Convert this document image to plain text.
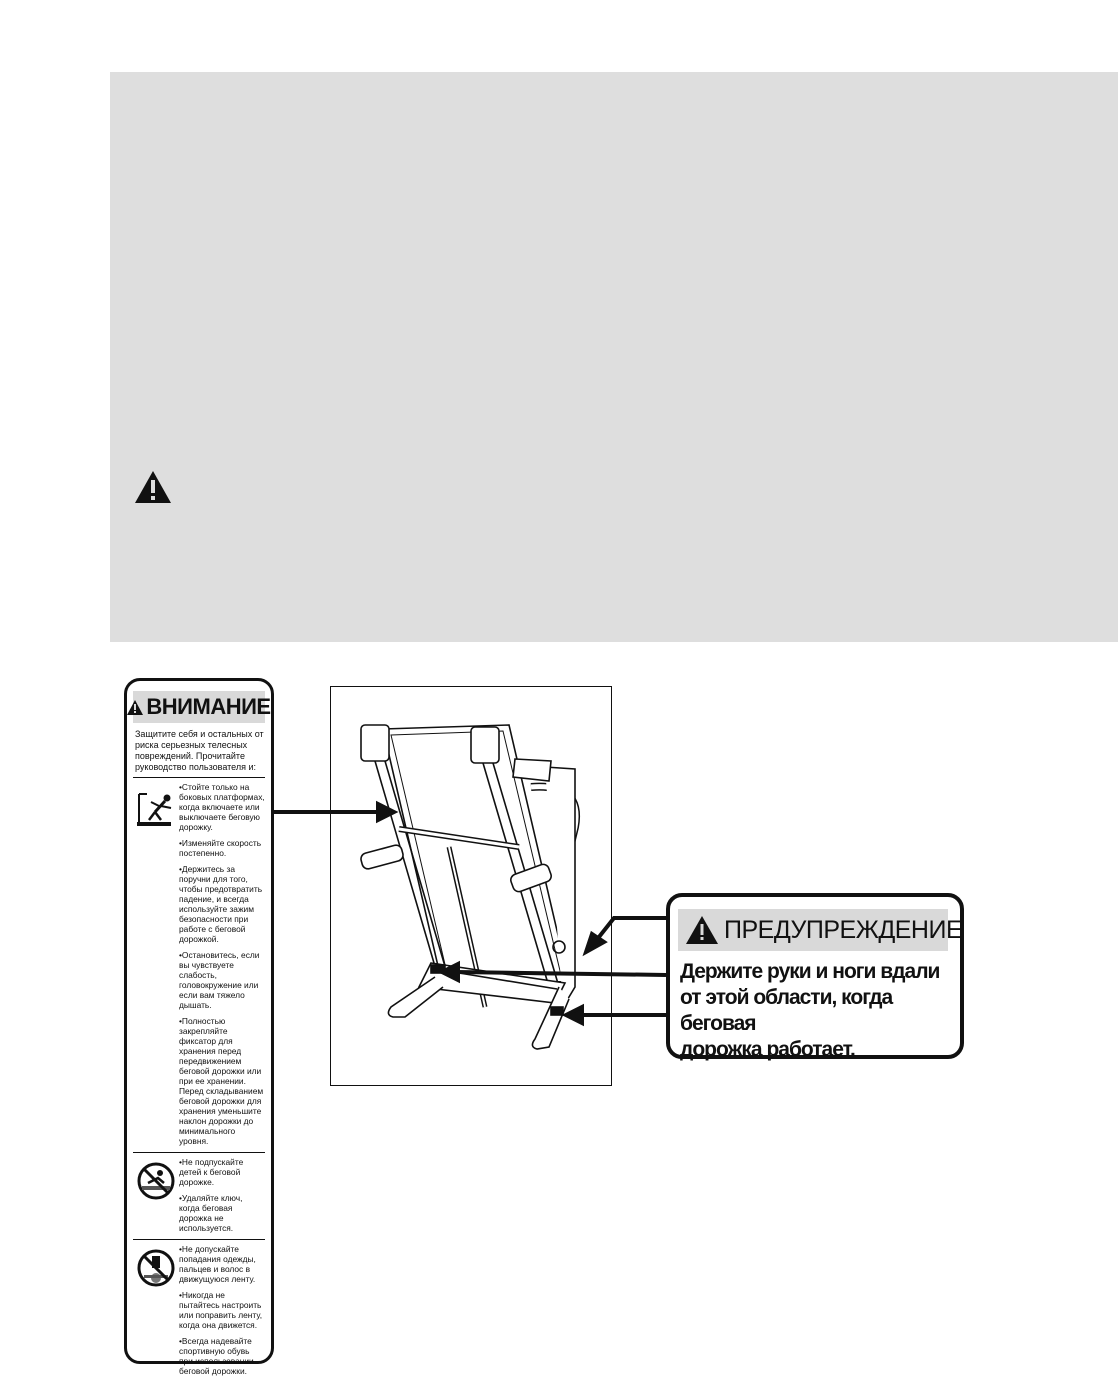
ВНИМАНИЕ
Защитите себя и остальных от риска серьезных телесных повреждений. Прочитайте руководство пользователя и:
•Стойте только на боковых платформах, когда включаете или выключаете беговую дорожку.
•Изменяйте скорость постепенно.
•Держитесь за поручни для того, чтобы предотвратить падение, и всегда используйте зажим безопасности при работе с беговой дорожкой.
•Остановитесь, если вы чувствуете слабость, головокружение или если вам тяжело дышать.
•Полностью закрепляйте фиксатор для хранения перед передвижением беговой дорожки или при ее хранении. Перед складыванием беговой дорожки для хранения уменьшите наклон дорожки до минимального уровня.
•Не подпускайте детей к беговой дорожке.
•Удаляйте ключ, когда беговая дорожка не используется.
•Не допускайте попадания одежды, пальцев и волос в движущуюся ленту.
•Никогда не пытайтесь настроить или поправить ленту, когда она движется.
•Всегда надевайте спортивную обувь при использовании беговой дорожки.
ПРЕДУПРЕЖДЕНИЕ
Держите руки и ноги вдали
от этой области, когда беговая
дорожка работает.
